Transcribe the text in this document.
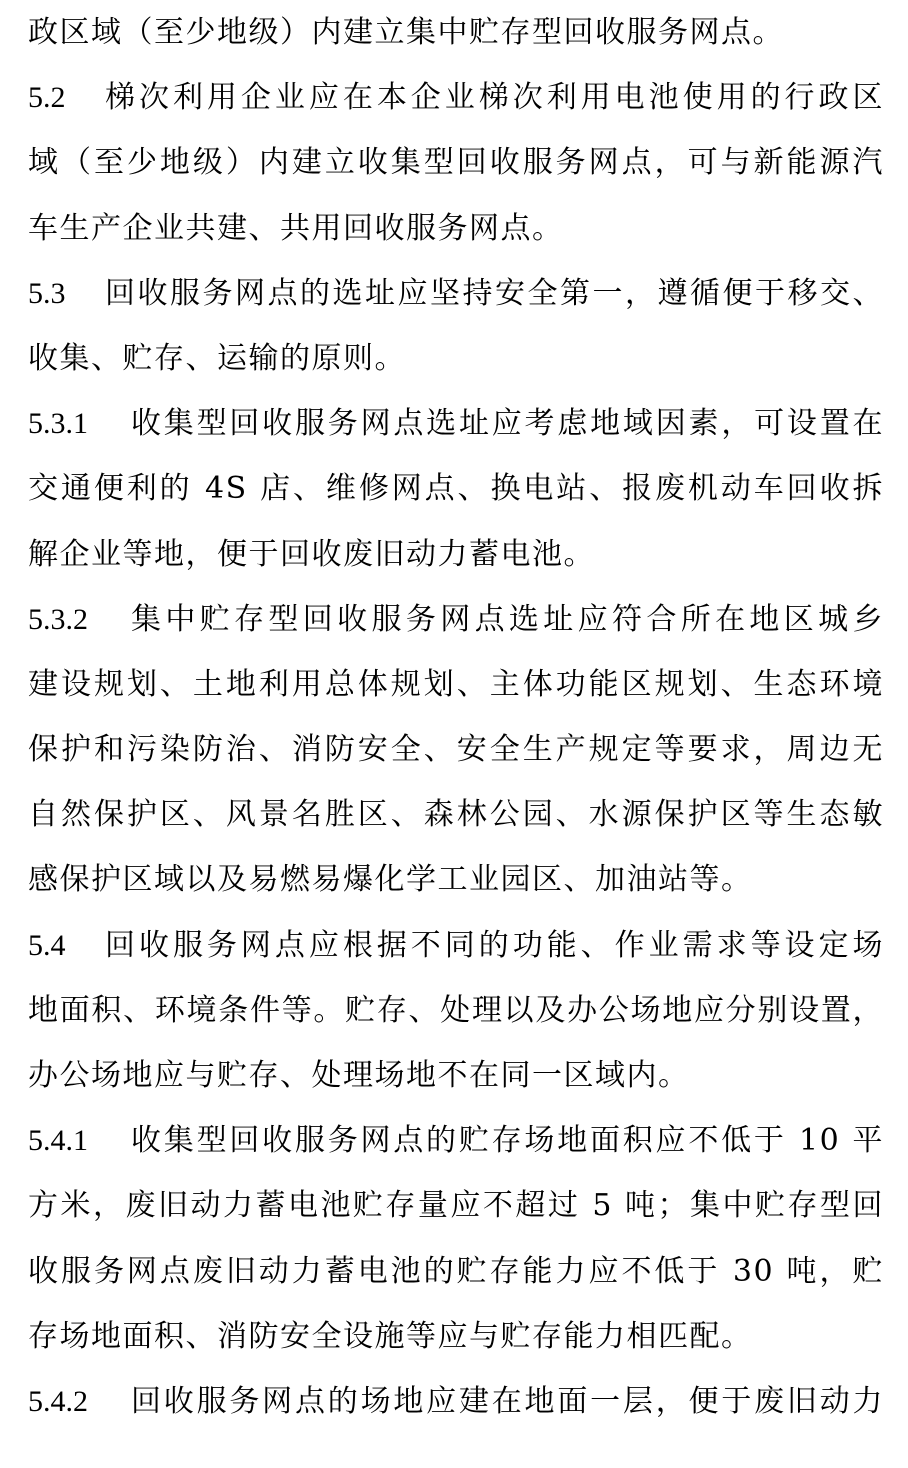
政区域（至少地级）内建立集中贮存型回收服务网点。
5.2	梯次利用企业应在本企业梯次利用电池使用的行政区
域（至少地级）内建立收集型回收服务网点，可与新能源汽
车生产企业共建、共用回收服务网点。
5.3	回收服务网点的选址应坚持安全第一，遵循便于移交、
收集、贮存、运输的原则。
5.3.1	收集型回收服务网点选址应考虑地域因素，可设置在
交通便利的 4S 店、维修网点、换电站、报废机动车回收拆
解企业等地，便于回收废旧动力蓄电池。
5.3.2	集中贮存型回收服务网点选址应符合所在地区城乡
建设规划、土地利用总体规划、主体功能区规划、生态环境
保护和污染防治、消防安全、安全生产规定等要求，周边无
自然保护区、风景名胜区、森林公园、水源保护区等生态敏
感保护区域以及易燃易爆化学工业园区、加油站等。
5.4	回收服务网点应根据不同的功能、作业需求等设定场
地面积、环境条件等。贮存、处理以及办公场地应分别设置，
办公场地应与贮存、处理场地不在同一区域内。
5.4.1	收集型回收服务网点的贮存场地面积应不低于 10 平
方米，废旧动力蓄电池贮存量应不超过 5 吨；集中贮存型回
收服务网点废旧动力蓄电池的贮存能力应不低于 30 吨，贮
存场地面积、消防安全设施等应与贮存能力相匹配。
5.4.2	回收服务网点的场地应建在地面一层，便于废旧动力
